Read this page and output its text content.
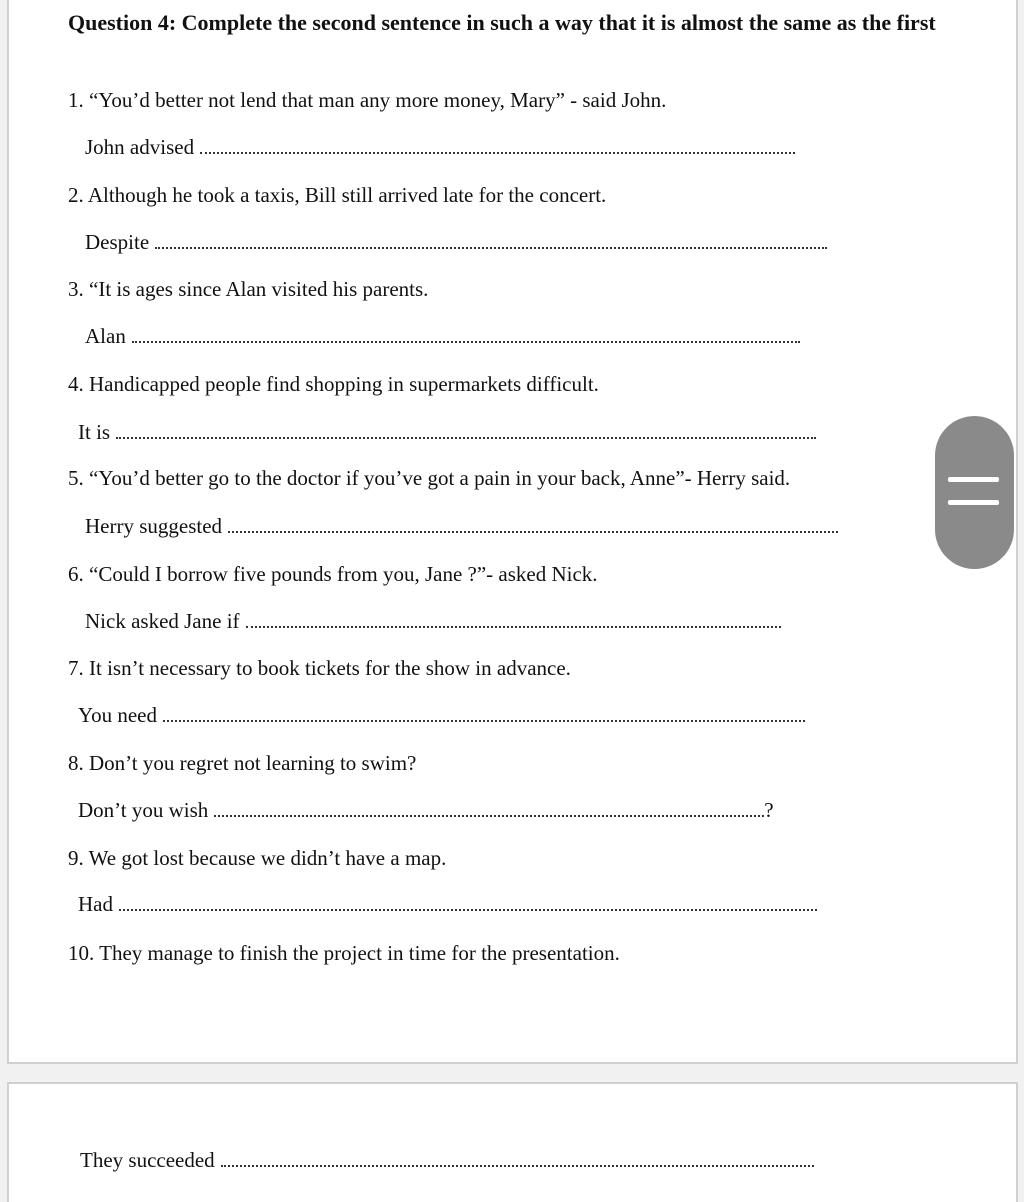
Question 4: Complete the second sentence in such a way that it is almost the same as the first
1. “You’d better not lend that man any more money, Mary” - said John.
John advised
2. Although he took a taxis, Bill still arrived late for the concert.
Despite
3. “It is ages since Alan visited his parents.
Alan
4. Handicapped people find shopping in supermarkets difficult.
It is
5. “You’d better go to the doctor if you’ve got a pain in your back, Anne”- Herry said.
Herry suggested
6. “Could I borrow five pounds from you, Jane ?”- asked Nick.
Nick asked Jane if
7. It isn’t necessary to book tickets for the show in advance.
You need
8. Don’t you regret not learning to swim?
Don’t you wish	?
9. We got lost because we didn’t have a map.
Had
10. They manage to finish the project in time for the presentation.
They succeeded
